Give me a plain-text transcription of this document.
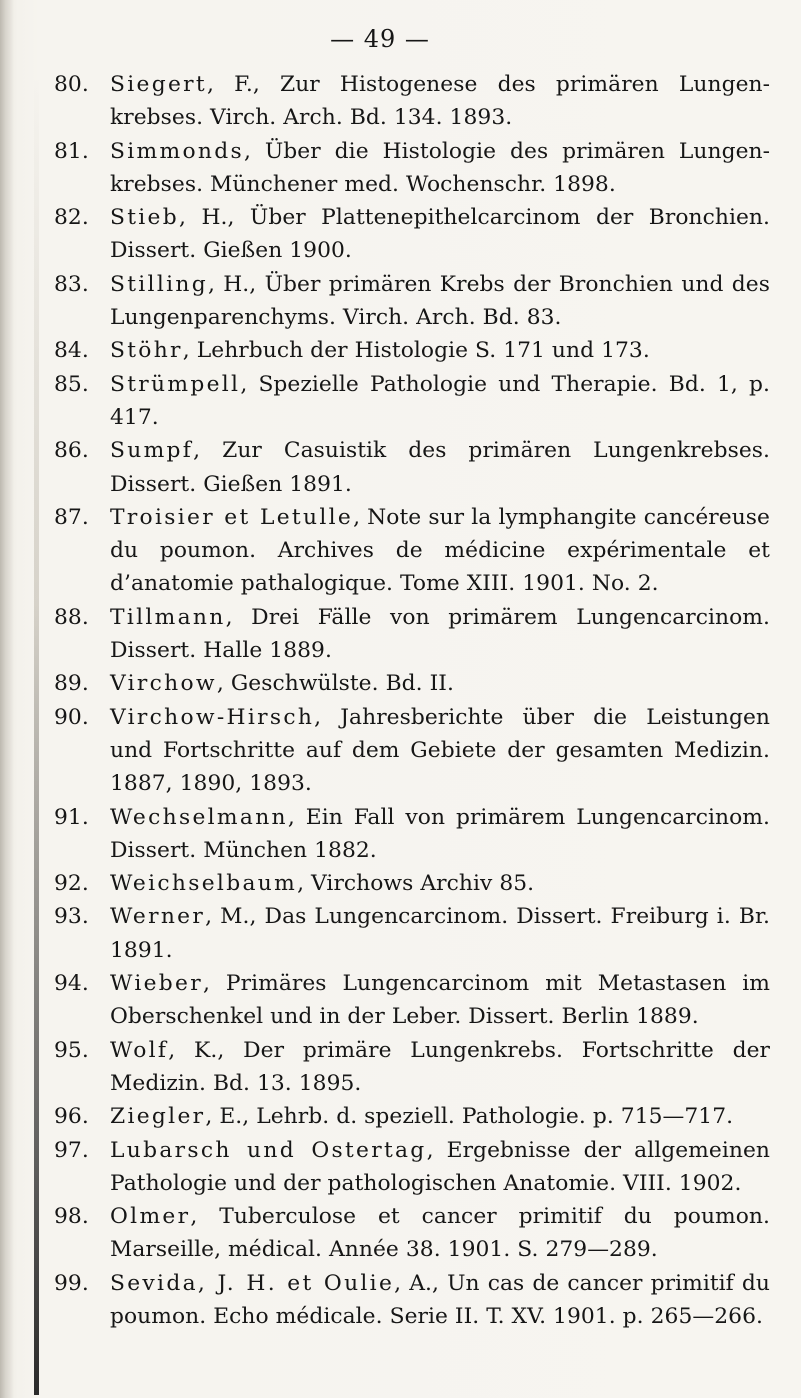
— 49 —
80. Siegert, F., Zur Histogenese des primären Lungenkrebses. Virch. Arch. Bd. 134. 1893.
81. Simmonds, Über die Histologie des primären Lungenkrebses. Münchener med. Wochenschr. 1898.
82. Stieb, H., Über Plattenepithelcarcinom der Bronchien. Dissert. Gießen 1900.
83. Stilling, H., Über primären Krebs der Bronchien und des Lungenparenchyms. Virch. Arch. Bd. 83.
84. Stöhr, Lehrbuch der Histologie S. 171 und 173.
85. Strümpell, Spezielle Pathologie und Therapie. Bd. 1, p. 417.
86. Sumpf, Zur Casuistik des primären Lungenkrebses. Dissert. Gießen 1891.
87. Troisier et Letulle, Note sur la lymphangite cancéreuse du poumon. Archives de médicine expérimentale et d’anatomie pathalogique. Tome XIII. 1901. No. 2.
88. Tillmann, Drei Fälle von primärem Lungencarcinom. Dissert. Halle 1889.
89. Virchow, Geschwülste. Bd. II.
90. Virchow-Hirsch, Jahresberichte über die Leistungen und Fortschritte auf dem Gebiete der gesamten Medizin. 1887, 1890, 1893.
91. Wechselmann, Ein Fall von primärem Lungencarcinom. Dissert. München 1882.
92. Weichselbaum, Virchows Archiv 85.
93. Werner, M., Das Lungencarcinom. Dissert. Freiburg i. Br. 1891.
94. Wieber, Primäres Lungencarcinom mit Metastasen im Oberschenkel und in der Leber. Dissert. Berlin 1889.
95. Wolf, K., Der primäre Lungenkrebs. Fortschritte der Medizin. Bd. 13. 1895.
96. Ziegler, E., Lehrb. d. speziell. Pathologie. p. 715—717.
97. Lubarsch und Ostertag, Ergebnisse der allgemeinen Pathologie und der pathologischen Anatomie. VIII. 1902.
98. Olmer, Tuberculose et cancer primitif du poumon. Marseille, médical. Année 38. 1901. S. 279—289.
99. Sevida, J. H. et Oulie, A., Un cas de cancer primitif du poumon. Echo médicale. Serie II. T. XV. 1901. p. 265—266.
